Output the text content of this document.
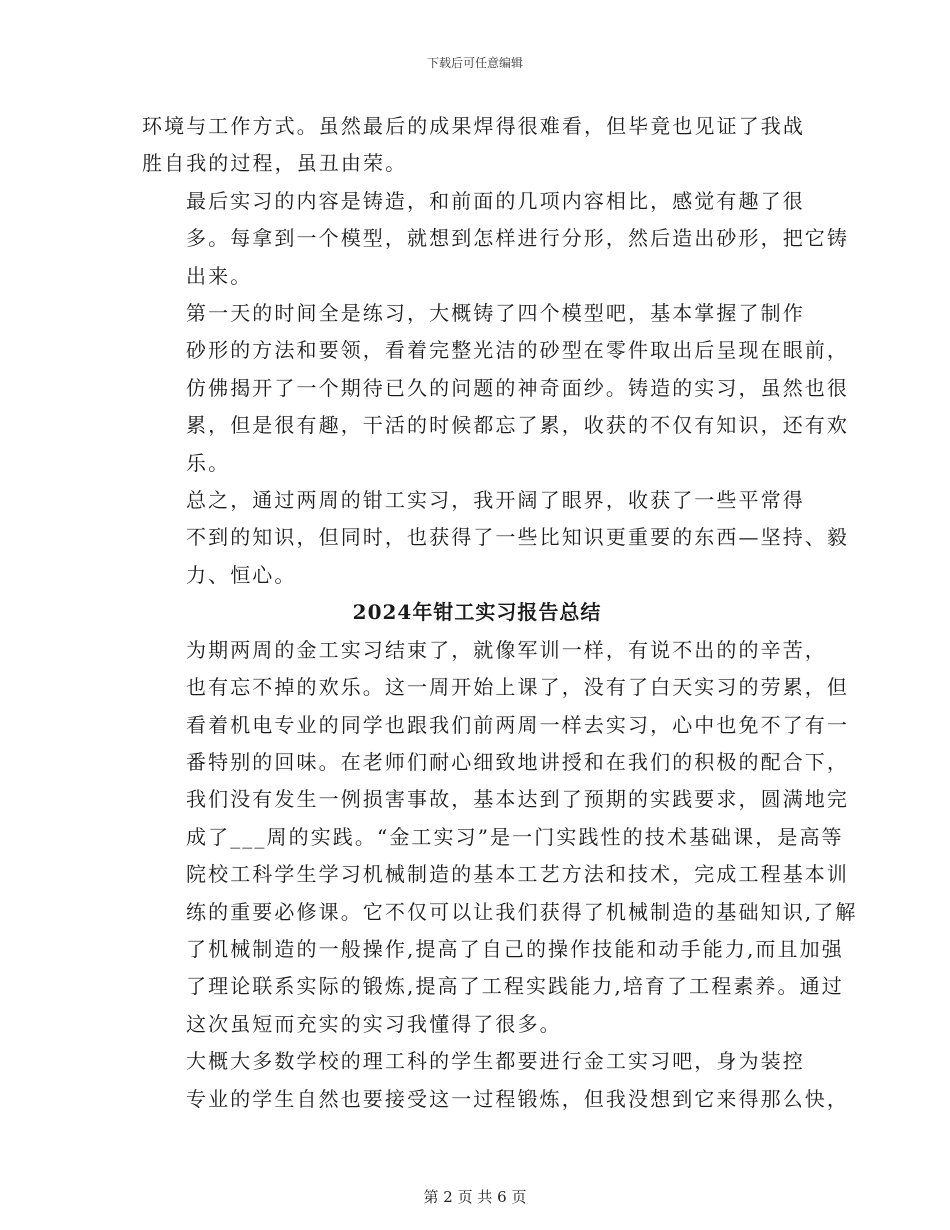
下载后可任意编辑

环境与工作方式。虽然最后的成果焊得很难看，但毕竟也见证了我战
胜自我的过程，虽丑由荣。

最后实习的内容是铸造，和前面的几项内容相比，感觉有趣了很
多。每拿到一个模型，就想到怎样进行分形，然后造出砂形，把它铸
出来。

第一天的时间全是练习，大概铸了四个模型吧，基本掌握了制作
砂形的方法和要领，看着完整光洁的砂型在零件取出后呈现在眼前，
仿佛揭开了一个期待已久的问题的神奇面纱。铸造的实习，虽然也很
累，但是很有趣，干活的时候都忘了累，收获的不仅有知识，还有欢
乐。

总之，通过两周的钳工实习，我开阔了眼界，收获了一些平常得
不到的知识，但同时，也获得了一些比知识更重要的东西—坚持、毅
力、恒心。

2024年钳工实习报告总结

为期两周的金工实习结束了，就像军训一样，有说不出的的辛苦，
也有忘不掉的欢乐。这一周开始上课了，没有了白天实习的劳累，但
看着机电专业的同学也跟我们前两周一样去实习，心中也免不了有一
番特别的回味。在老师们耐心细致地讲授和在我们的积极的配合下，
我们没有发生一例损害事故，基本达到了预期的实践要求，圆满地完
成了___周的实践。“金工实习”是一门实践性的技术基础课，是高等
院校工科学生学习机械制造的基本工艺方法和技术，完成工程基本训
练的重要必修课。它不仅可以让我们获得了机械制造的基础知识,了解
了机械制造的一般操作,提高了自己的操作技能和动手能力,而且加强
了理论联系实际的锻炼,提高了工程实践能力,培育了工程素养。通过
这次虽短而充实的实习我懂得了很多。

大概大多数学校的理工科的学生都要进行金工实习吧，身为装控
专业的学生自然也要接受这一过程锻炼，但我没想到它来得那么快，

第 2 页 共 6 页
